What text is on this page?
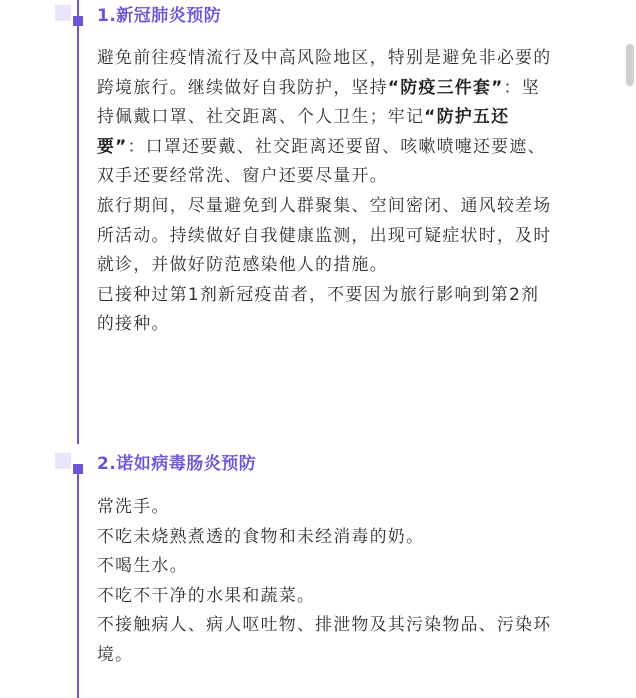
1.新冠肺炎预防

避免前往疫情流行及中高风险地区，特别是避免非必要的跨境旅行。继续做好自我防护，坚持“防疫三件套”：坚持佩戴口罩、社交距离、个人卫生；牢记“防护五还要”：口罩还要戴、社交距离还要留、咳嗽喷嚏还要遮、双手还要经常洗、窗户还要尽量开。

旅行期间，尽量避免到人群聚集、空间密闭、通风较差场所活动。持续做好自我健康监测，出现可疑症状时，及时就诊，并做好防范感染他人的措施。

已接种过第1剂新冠疫苗者，不要因为旅行影响到第2剂的接种。

2.诺如病毒肠炎预防

常洗手。

不吃未烧熟煮透的食物和未经消毒的奶。

不喝生水。

不吃不干净的水果和蔬菜。

不接触病人、病人呕吐物、排泄物及其污染物品、污染环境。
